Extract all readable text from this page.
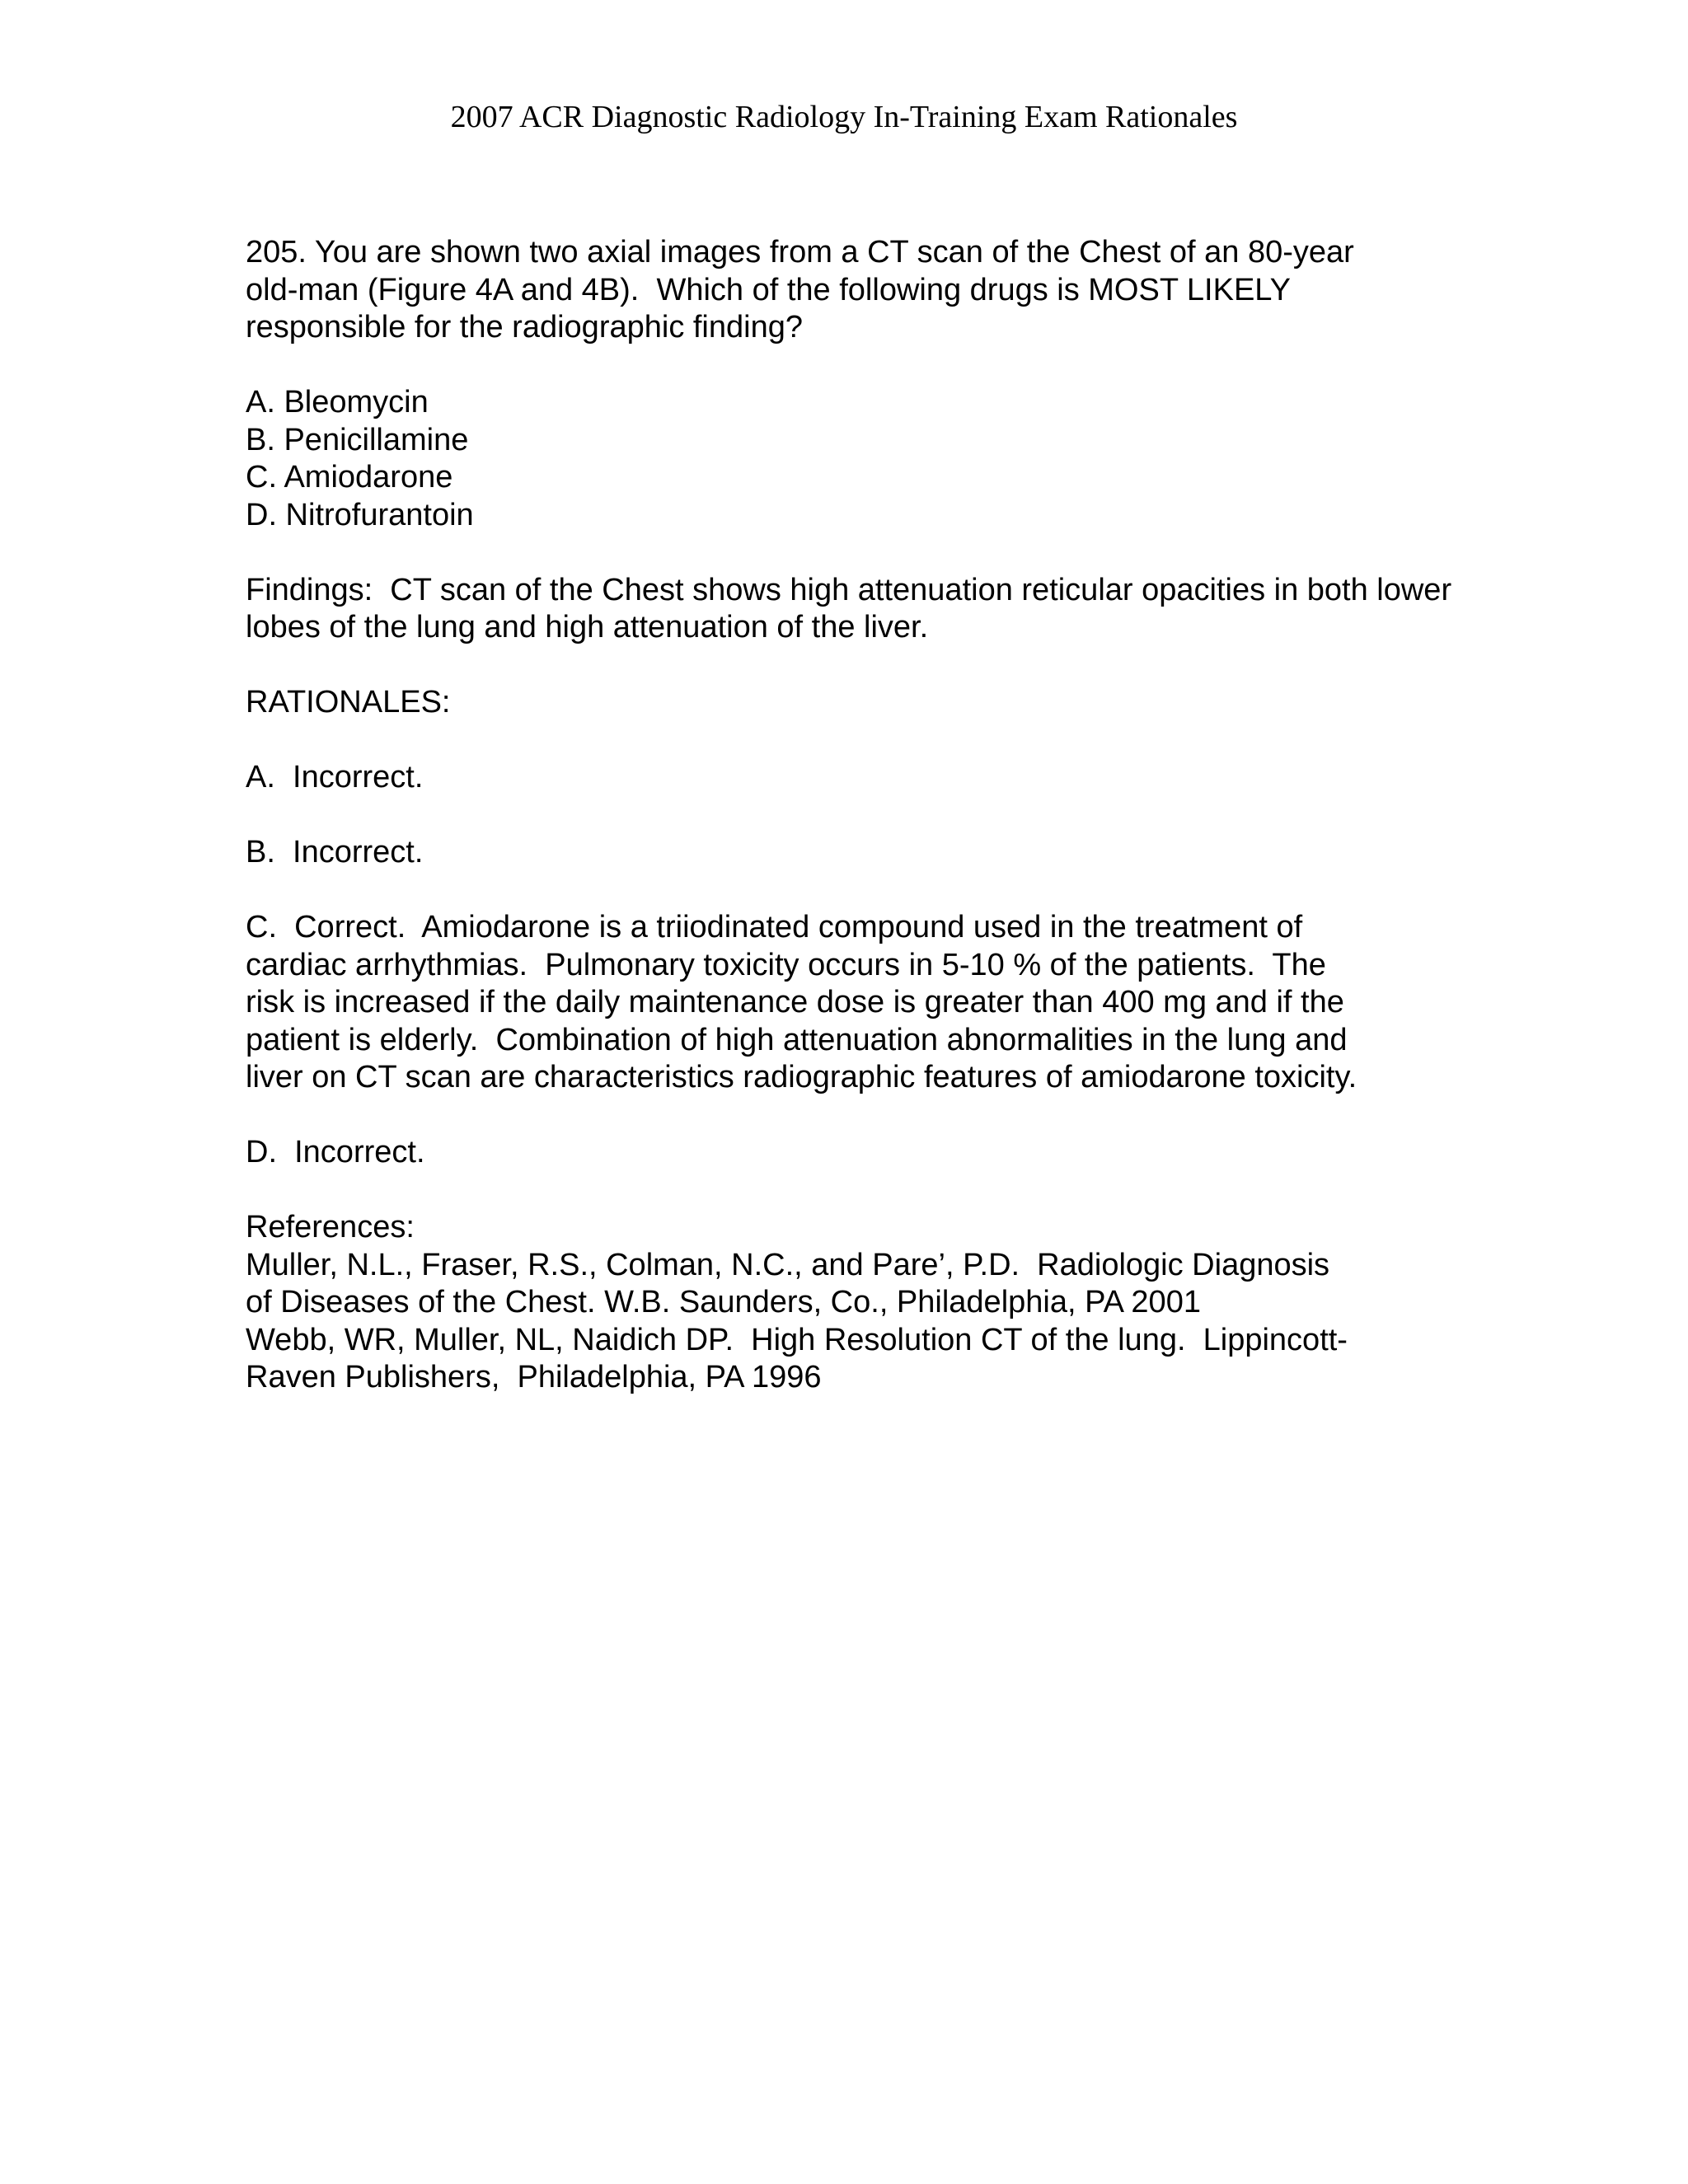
2007 ACR Diagnostic Radiology In-Training Exam Rationales

205. You are shown two axial images from a CT scan of the Chest of an 80-year
old-man (Figure 4A and 4B).  Which of the following drugs is MOST LIKELY
responsible for the radiographic finding?

A. Bleomycin
B. Penicillamine
C. Amiodarone
D. Nitrofurantoin

Findings:  CT scan of the Chest shows high attenuation reticular opacities in both lower
lobes of the lung and high attenuation of the liver.

RATIONALES:

A.  Incorrect.

B.  Incorrect.

C.  Correct.  Amiodarone is a triiodinated compound used in the treatment of
cardiac arrhythmias.  Pulmonary toxicity occurs in 5-10 % of the patients.  The
risk is increased if the daily maintenance dose is greater than 400 mg and if the
patient is elderly.  Combination of high attenuation abnormalities in the lung and
liver on CT scan are characteristics radiographic features of amiodarone toxicity.

D.  Incorrect.

References:
Muller, N.L., Fraser, R.S., Colman, N.C., and Pare’, P.D.  Radiologic Diagnosis
of Diseases of the Chest. W.B. Saunders, Co., Philadelphia, PA 2001
Webb, WR, Muller, NL, Naidich DP.  High Resolution CT of the lung.  Lippincott-
Raven Publishers,  Philadelphia, PA 1996
